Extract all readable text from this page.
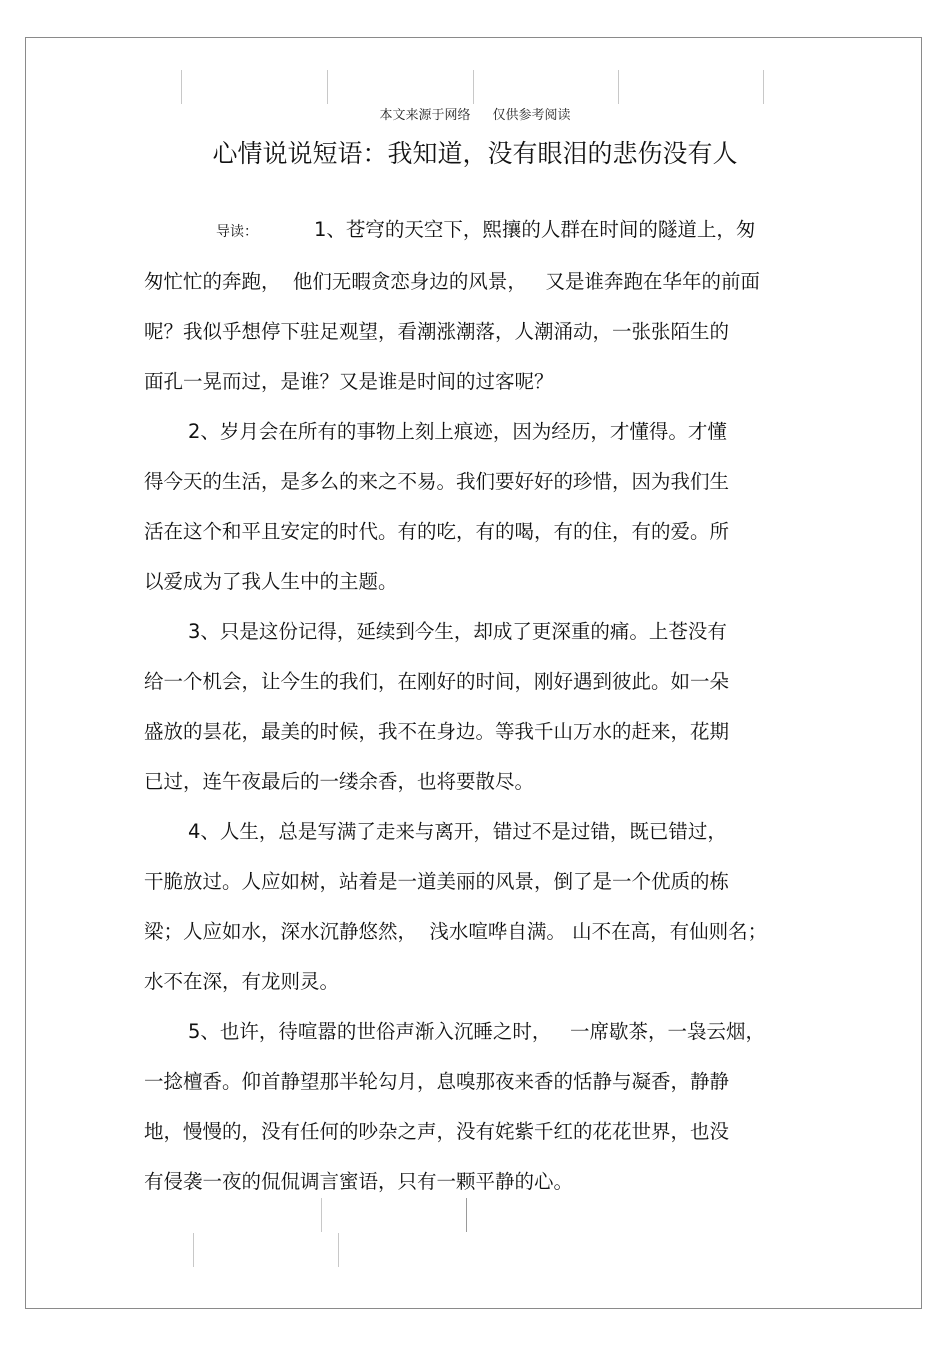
本文来源于网络 仅供参考阅读
心情说说短语：我知道，没有眼泪的悲伤没有人

导读：	1、苍穹的天空下，熙攘的人群在时间的隧道上，匆
匆忙忙的奔跑，  他们无暇贪恋身边的风景，   又是谁奔跑在华年的前面
呢？我似乎想停下驻足观望，看潮涨潮落，人潮涌动，一张张陌生的
面孔一晃而过，是谁？又是谁是时间的过客呢？

2、岁月会在所有的事物上刻上痕迹，因为经历，才懂得。才懂
得今天的生活，是多么的来之不易。我们要好好的珍惜，因为我们生
活在这个和平且安定的时代。有的吃，有的喝，有的住，有的爱。所
以爱成为了我人生中的主题。

3、只是这份记得，延续到今生，却成了更深重的痛。上苍没有
给一个机会，让今生的我们，在刚好的时间，刚好遇到彼此。如一朵
盛放的昙花，最美的时候，我不在身边。等我千山万水的赶来，花期
已过，连午夜最后的一缕余香，也将要散尽。

4、人生，总是写满了走来与离开，错过不是过错，既已错过，
干脆放过。人应如树，站着是一道美丽的风景，倒了是一个优质的栋
梁；人应如水，深水沉静悠然，  浅水喧哗自满。 山不在高，有仙则名；
水不在深，有龙则灵。

5、也许，待喧嚣的世俗声渐入沉睡之时，   一席歇茶，一袅云烟，
一捻檀香。仰首静望那半轮勾月，息嗅那夜来香的恬静与凝香，静静
地，慢慢的，没有任何的吵杂之声，没有姹紫千红的花花世界，也没
有侵袭一夜的侃侃调言蜜语，只有一颗平静的心。
